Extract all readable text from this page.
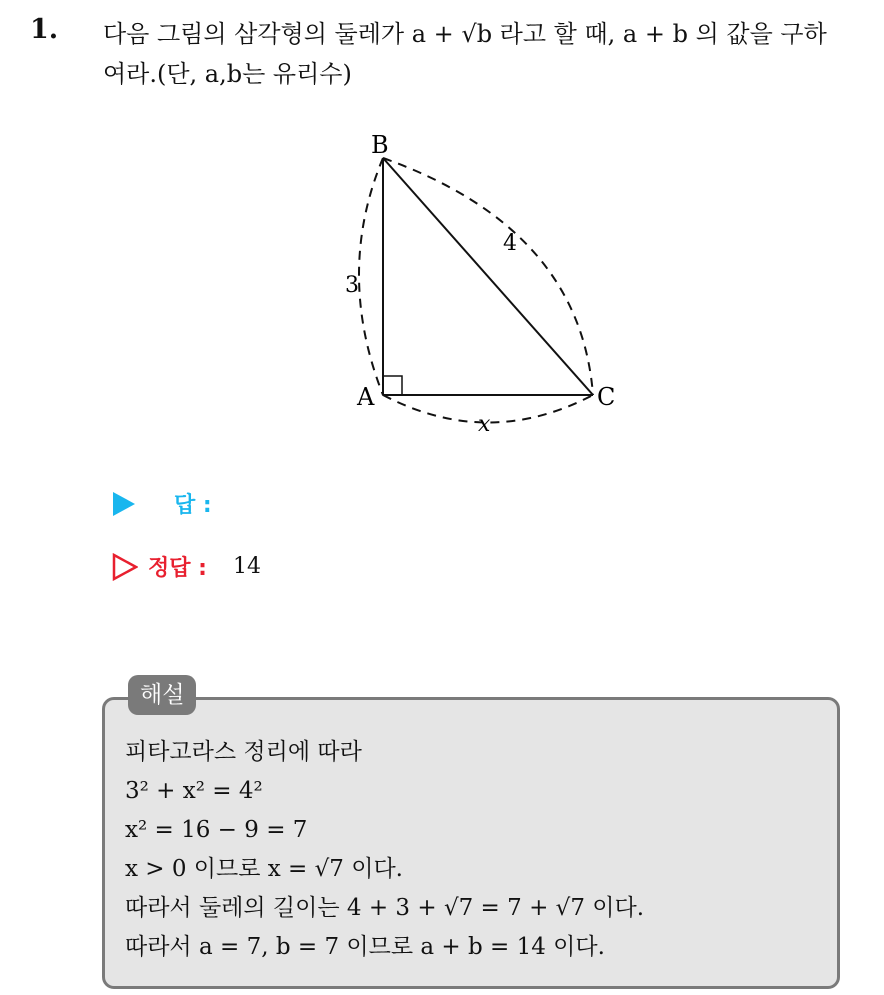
1. 다음 그림의 삼각형의 둘레가 a + √b 라고 할 때, a + b 의 값을 구하
여라.(단, a,b는 유리수)
B
A	C
3
4
x
답 :
정답 : 14
해설
피타고라스 정리에 따라
3² + x² = 4²
x² = 16 − 9 = 7
x > 0 이므로 x = √7 이다.
따라서 둘레의 길이는 4 + 3 + √7 = 7 + √7 이다.
따라서 a = 7, b = 7 이므로 a + b = 14 이다.
